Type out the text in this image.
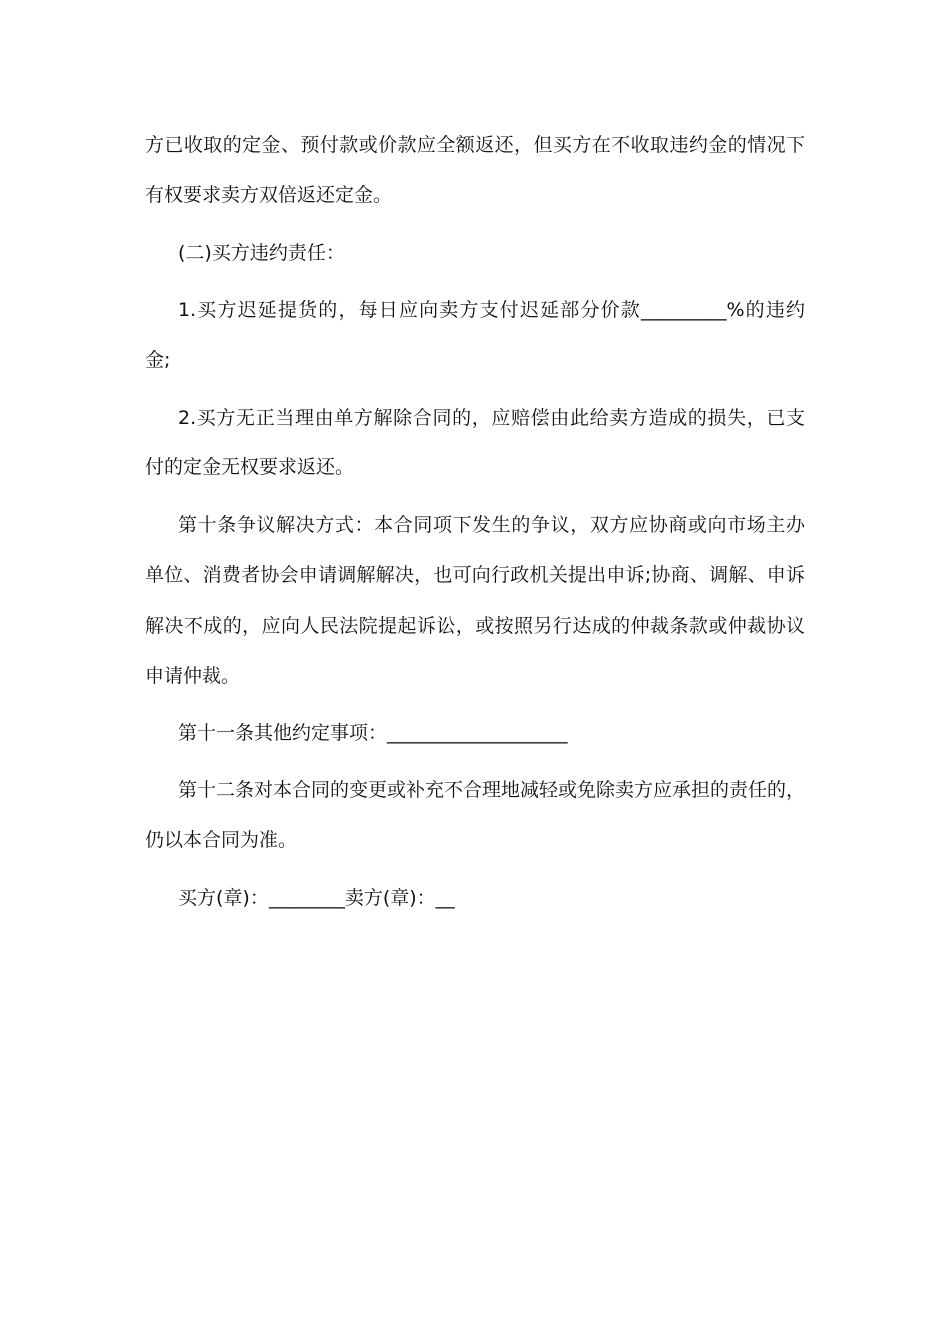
方已收取的定金、预付款或价款应全额返还，但买方在不收取违约金的情况下
有权要求卖方双倍返还定金。
(二)买方违约责任：
1.买方迟延提货的，每日应向卖方支付迟延部分价款_________%的违约
金;
2.买方无正当理由单方解除合同的，应赔偿由此给卖方造成的损失，已支
付的定金无权要求返还。
第十条争议解决方式：本合同项下发生的争议，双方应协商或向市场主办
单位、消费者协会申请调解解决，也可向行政机关提出申诉;协商、调解、申诉
解决不成的，应向人民法院提起诉讼，或按照另行达成的仲裁条款或仲裁协议
申请仲裁。
第十一条其他约定事项：___________________
第十二条对本合同的变更或补充不合理地减轻或免除卖方应承担的责任的，
仍以本合同为准。
买方(章)：________卖方(章)：__
